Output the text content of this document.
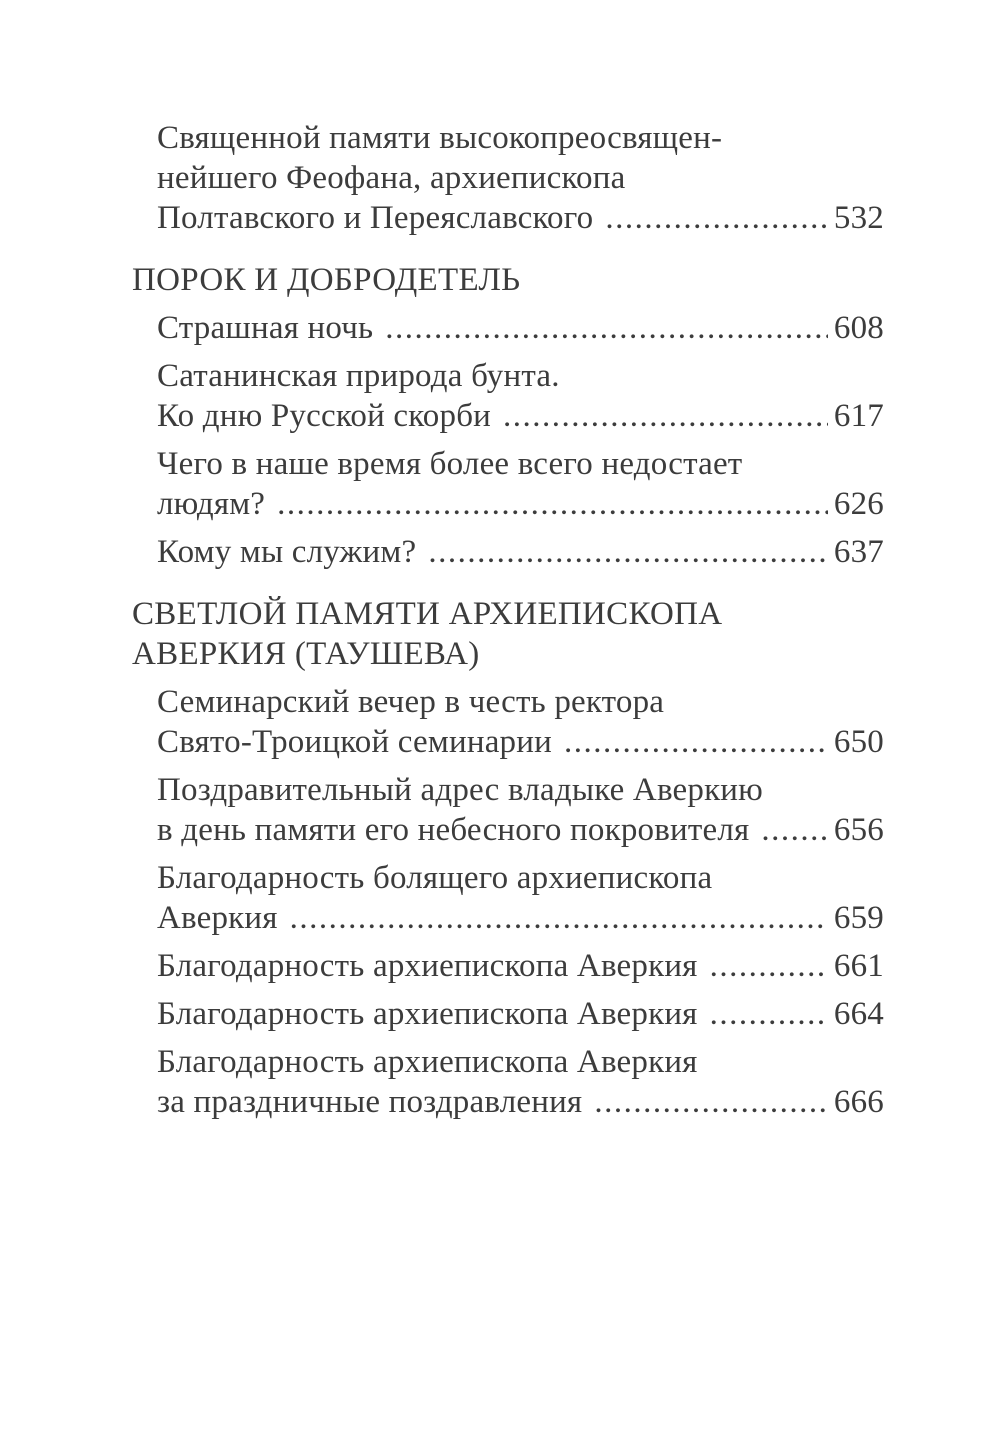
Священной памяти высокопреосвящен-
нейшего Феофана, архиепископа
Полтавского и Переяславского .....	532
ПОРОК И ДОБРОДЕТЕЛЬ
Страшная ночь .....	608
Сатанинская природа бунта.
Ко дню Русской скорби .....	617
Чего в наше время более всего недостает
людям? .....	626
Кому мы служим? .....	637
СВЕТЛОЙ ПАМЯТИ АРХИЕПИСКОПА
АВЕРКИЯ (ТАУШЕВА)
Семинарский вечер в честь ректора
Свято-Троицкой семинарии .....	650
Поздравительный адрес владыке Аверкию
в день памяти его небесного покровителя .....	656
Благодарность болящего архиепископа
Аверкия .....	659
Благодарность архиепископа Аверкия .....	661
Благодарность архиепископа Аверкия .....	664
Благодарность архиепископа Аверкия
за праздничные поздравления .....	666
